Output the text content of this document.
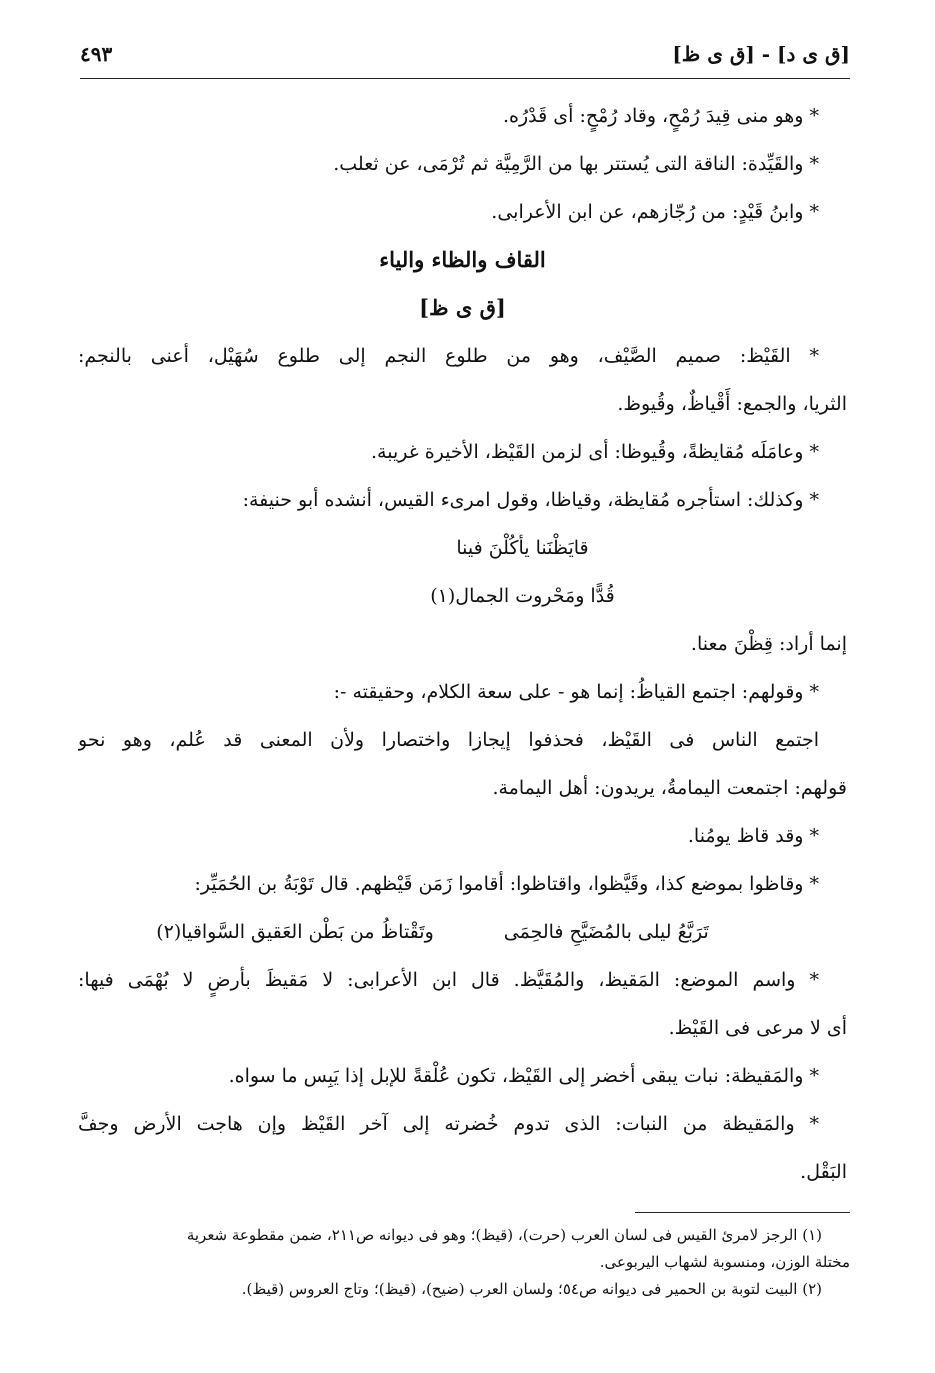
[ق ى د] - [ق ى ظ]
٤٩٣
* وهو منى قِيدَ رُمْحٍ، وقاد رُمْحٍ: أى قَدْرُه.
* والقَيِّدة: الناقة التى يُستتر بها من الرَّمِيَّة ثم تُرْمَى، عن ثعلب.
* وابنُ قَيْدٍ: من رُجّازهم، عن ابن الأعرابى.
القاف والظاء والياء
[ق ى ظ]
* القَيْظ: صميم الصَّيْف، وهو من طلوع النجم إلى طلوع سُهَيْل، أعنى بالنجم:
الثريا، والجمع: أَقْياظٌ، وقُيوظ.
* وعامَلَه مُقايظةً، وقُيوظا: أى لزمن القَيْظ، الأخيرة غريبة.
* وكذلك: استأجره مُقايظة، وقياظا، وقول امرىء القيس، أنشده أبو حنيفة:
قايَظْنَنا يأكُلْنَ فينا
قُدًّا ومَحْروت الجمال(١)
إنما أراد: قِظْنَ معنا.
* وقولهم: اجتمع القياظُ: إنما هو - على سعة الكلام، وحقيقته -:
اجتمع الناس فى القَيْظ، فحذفوا إيجازا واختصارا ولأن المعنى قد عُلم، وهو نحو
قولهم: اجتمعت اليمامةُ، يريدون: أهل اليمامة.
* وقد قاظ يومُنا.
* وقاظوا بموضع كذا، وقَيَّظوا، واقتاظوا: أقاموا زَمَن قَيْظهم. قال تَوْبَةُ بن الحُمَيِّر:
تَرَبَّعُ ليلى بالمُضَيَّحِ فالحِمَى
وتَقْتاظُ من بَطْن العَقيق السَّواقيا(٢)
* واسم الموضع: المَقيظ، والمُقَيَّظ. قال ابن الأعرابى: لا مَقيظَ بأرضٍ لا بُهْمَى فيها:
أى لا مرعى فى القَيْظ.
* والمَقيظة: نبات يبقى أخضر إلى القَيْظ، تكون عُلْقةً للإبل إذا يَبِس ما سواه.
* والمَقيظة من النبات: الذى تدوم خُضرته إلى آخر القَيْظ وإن هاجت الأرض وجفَّ
البَقْل.
(١) الرجز لامرئ القيس فى لسان العرب (حرت)، (قيظ)؛ وهو فى ديوانه ص٢١١، ضمن مقطوعة شعرية
مختلة الوزن، ومنسوبة لشهاب اليربوعى.
(٢) البيت لتوبة بن الحمير فى ديوانه ص٥٤؛ ولسان العرب (ضيح)، (قيظ)؛ وتاج العروس (قيظ).
